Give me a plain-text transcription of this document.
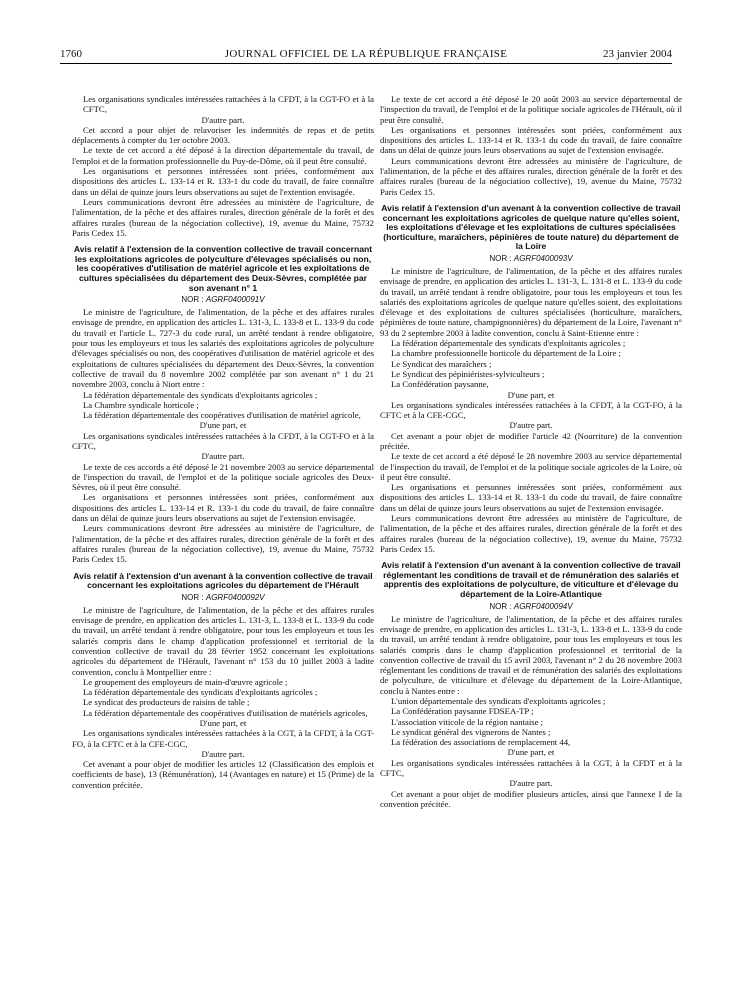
1760	JOURNAL OFFICIEL DE LA RÉPUBLIQUE FRANÇAISE	23 janvier 2004

Les organisations syndicales intéressées rattachées à la CFDT, à la CGT-FO et à la CFTC,

D'autre part.

Cet accord a pour objet de relavoriser les indemnités de repas et de petits déplacements à compter du 1er octobre 2003.

Le texte de cet accord a été déposé à la direction départementale du travail, de l'emploi et de la formation professionnelle du Puy-de-Dôme, où il peut être consulté.

Les organisations et personnes intéressées sont priées, conformément aux dispositions des articles L. 133-14 et R. 133-1 du code du travail, de faire connaître dans un délai de quinze jours leurs observations au sujet de l'extention envisagée.

Leurs communications devront être adressées au ministère de l'agriculture, de l'alimentation, de la pêche et des affaires rurales, direction générale de la forêt et des affaires rurales (bureau de la négociation collective), 19, avenue du Maine, 75732 Paris Cedex 15.

Avis relatif à l'extension de la convention collective de travail concernant les exploitations agricoles de polyculture d'élevages spécialisés ou non, les coopératives d'utilisation de matériel agricole et les exploitations de cultures spécialisées du département des Deux-Sèvres, complétée par son avenant n° 1
NOR : AGRF0400091V

Le ministre de l'agriculture, de l'alimentation, de la pêche et des affaires rurales envisage de prendre, en application des articles L. 131-3, L. 133-8 et L. 133-9 du code du travail et l'article L. 727-3 du code rural, un arrêté tendant à rendre obligatoire, pour tous les employeurs et tous les salariés des exploitations agricoles de polyculture d'élevages spécialisés ou non, des coopératives d'utilisation de matériel agricole et des exploitations de cultures spécialisées du département des Deux-Sèvres, la convention collective de travail du 8 novembre 2002 complétée par son avenant n° 1 du 21 novembre 2003, conclu à Niort entre :

La fédération départementale des syndicats d'exploitants agricoles ;

La Chambre syndicale horticole ;

La fédération départementale des coopératives d'utilisation de matériel agricole,

D'une part, et

Les organisations syndicales intéressées rattachées à la CFDT, à la CGT-FO et à la CFTC,

D'autre part.

Le texte de ces accords a été déposé le 21 novembre 2003 au service départemental de l'inspection du travail, de l'emploi et de la politique sociale agricoles des Deux-Sèvres, où il peut être consulté.

Les organisations et personnes intéressées sont priées, conformément aux dispositions des articles L. 133-14 et R. 133-1 du code du travail, de faire connaître dans un délai de quinze jours leurs observations au sujet de l'extension envisagée.

Leurs communications devront être adressées au ministère de l'agriculture, de l'alimentation, de la pêche et des affaires rurales, direction générale de la forêt et des affaires rurales (bureau de la négociation collective), 19, avenue du Maine, 75732 Paris Cedex 15.

Avis relatif à l'extension d'un avenant à la convention collective de travail concernant les exploitations agricoles du département de l'Hérault
NOR : AGRF0400092V

Le ministre de l'agriculture, de l'alimentation, de la pêche et des affaires rurales envisage de prendre, en application des articles L. 131-3, L. 133-8 et L. 133-9 du code du travail, un arrêté tendant à rendre obligatoire, pour tous les employeurs et tous les salariés compris dans le champ d'application professionnel et territorial de la convention collective de travail du 28 février 1952 concernant les exploitations agricoles du département de l'Hérault, l'avenant n° 153 du 10 juillet 2003 à ladite convention, conclu à Montpellier entre :

Le groupement des employeurs de main-d'œuvre agricole ;

La fédération départementale des syndicats d'exploitants agricoles ;

Le syndicat des producteurs de raisins de table ;

La fédération départementale des coopératives d'utilisation de matériels agricoles,

D'une part, et

Les organisations syndicales intéressées rattachées à la CGT, à la CFDT, à la CGT-FO, à la CFTC et à la CFE-CGC,

D'autre part.

Cet avenant a pour objet de modifier les articles 12 (Classification des emplois et coefficients de base), 13 (Rémunération), 14 (Avantages en nature) et 15 (Prime) de la convention précitée.

Le texte de cet accord a été déposé le 20 août 2003 au service départemental de l'inspection du travail, de l'emploi et de la politique sociale agricoles de l'Hérault, où il peut être consulté.

Les organisations et personnes intéressées sont priées, conformément aux dispositions des articles L. 133-14 et R. 133-1 du code du travail, de faire connaître dans un délai de quinze jours leurs observations au sujet de l'extension envisagée.

Leurs communications devront être adressées au ministère de l'agriculture, de l'alimentation, de la pêche et des affaires rurales, direction générale de la forêt et des affaires rurales (bureau de la négociation collective), 19, avenue du Maine, 75732 Paris Cedex 15.

Avis relatif à l'extension d'un avenant à la convention collective de travail concernant les exploitations agricoles de quelque nature qu'elles soient, les exploitations d'élevage et les exploitations de cultures spécialisées (horticulture, maraîchers, pépinières de toute nature) du département de la Loire
NOR : AGRF0400093V

Le ministre de l'agriculture, de l'alimentation, de la pêche et des affaires rurales envisage de prendre, en application des articles L. 131-3, L. 131-8 et L. 133-9 du code du travail, un arrêté tendant à rendre obligatoire, pour tous les employeurs et tous les salariés des exploitations agricoles de quelque nature qu'elles soient, des exploitations d'élevage et des exploitations de cultures spécialisées (horticulture, maraîchers, pépinières de toute nature, champignonnières) du département de la Loire, l'avenant n° 93 du 2 septembre 2003 à ladite convention, conclu à Saint-Etienne entre :

La fédération départementale des syndicats d'exploitants agricoles ;

La chambre professionnelle horticole du département de la Loire ;

Le Syndicat des maraîchers ;

Le Syndicat des pépiniéristes-sylviculteurs ;

La Confédération paysanne,

D'une part, et

Les organisations syndicales intéressées rattachées à la CFDT, à la CGT-FO, à la CFTC et à la CFE-CGC,

D'autre part.

Cet avenant a pour objet de modifier l'article 42 (Nourriture) de la convention précitée.

Le texte de cet accord a été déposé le 28 novembre 2003 au service départemental de l'inspection du travail, de l'emploi et de la politique sociale agricoles de la Loire, où il peut être consulté.

Les organisations et personnes intéressées sont priées, conformément aux dispositions des articles L. 133-14 et R. 133-1 du code du travail, de faire connaître dans un délai de quinze jours leurs observations au sujet de l'extension envisagée.

Leurs communications devront être adressées au ministère de l'agriculture, de l'alimentation, de la pêche et des affaires rurales, direction générale de la forêt et des affaires rurales (bureau de la négociation collective), 19, avenue du Maine, 75732 Paris Cedex 15.

Avis relatif à l'extension d'un avenant à la convention collective de travail réglementant les conditions de travail et de rémunération des salariés et apprentis des exploitations de polyculture, de viticulture et d'élevage du département de la Loire-Atlantique
NOR : AGRF0400094V

Le ministre de l'agriculture, de l'alimentation, de la pêche et des affaires rurales envisage de prendre, en application des articles L. 131-3, L. 133-8 et L. 133-9 du code du travail, un arrêté tendant à rendre obligatoire, pour tous les employeurs et tous les salariés compris dans le champ d'application professionnel et territorial de la convention collective de travail du 15 avril 2003, l'avenant n° 2 du 28 novembre 2003 réglementant les conditions de travail et de rémunération des salariés des exploitations de polyculture, de viticulture et d'élevage du département de la Loire-Atlantique, conclu à Nantes entre :

L'union départementale des syndicats d'exploitants agricoles ;

La Confédération paysanne FDSEA-TP ;

L'association viticole de la région nantaise ;

Le syndicat général des vignerons de Nantes ;

La fédération des associations de remplacement 44,

D'une part, et

Les organisations syndicales intéressées rattachées à la CGT, à la CFDT et à la CFTC,

D'autre part.

Cet avenant a pour objet de modifier plusieurs articles, ainsi que l'annexe I de la convention précitée.
